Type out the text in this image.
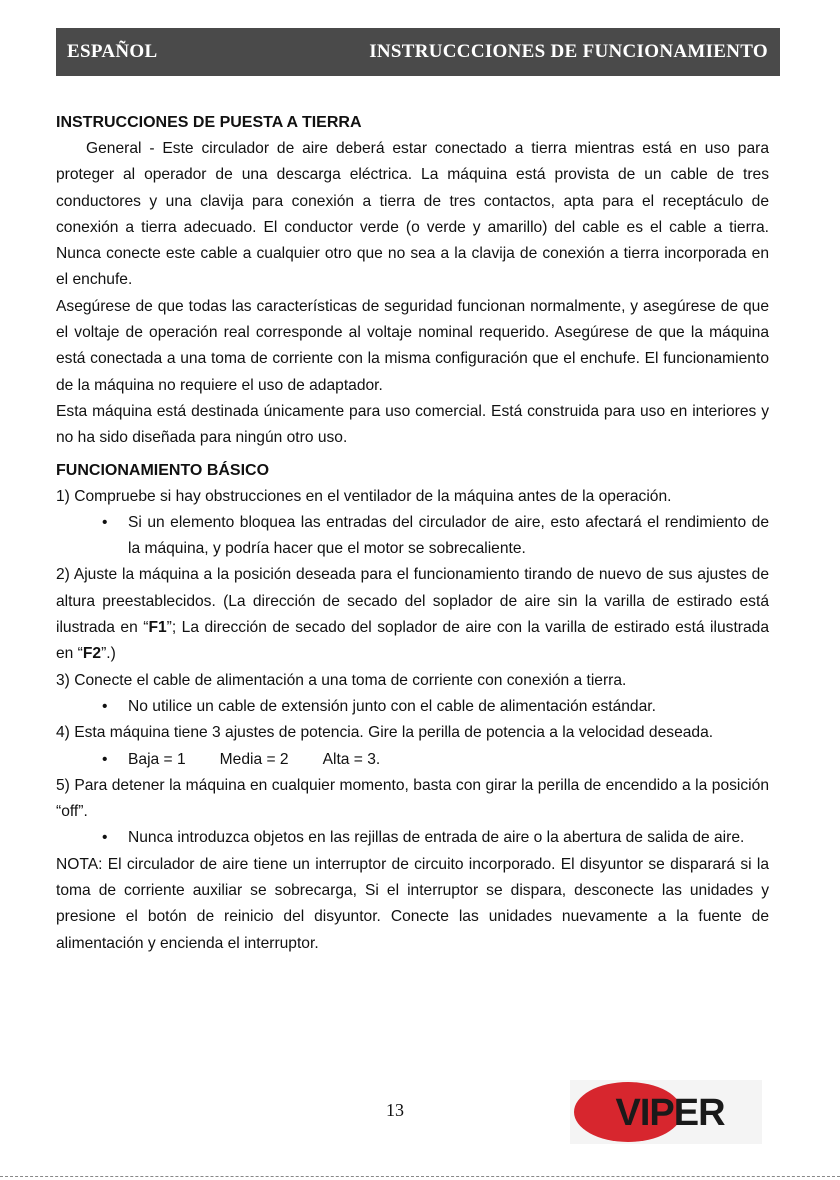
ESPAÑOL	INSTRUCCCIONES DE FUNCIONAMIENTO
INSTRUCCIONES DE PUESTA A TIERRA

General - Este circulador de aire deberá estar conectado a tierra mientras está en uso para proteger al operador de una descarga eléctrica. La máquina está provista de un cable de tres conductores y una clavija para conexión a tierra de tres contactos, apta para el receptáculo de conexión a tierra adecuado. El conductor verde (o verde y amarillo) del cable es el cable a tierra. Nunca conecte este cable a cualquier otro que no sea a la clavija de conexión a tierra incorporada en el enchufe.

Asegúrese de que todas las características de seguridad funcionan normalmente, y asegúrese de que el voltaje de operación real corresponde al voltaje nominal requerido. Asegúrese de que la máquina está conectada a una toma de corriente con la misma configuración que el enchufe. El funcionamiento de la máquina no requiere el uso de adaptador.

Esta máquina está destinada únicamente para uso comercial. Está construida para uso en interiores y no ha sido diseñada para ningún otro uso.

FUNCIONAMIENTO BÁSICO

1) Compruebe si hay obstrucciones en el ventilador de la máquina antes de la operación.

• Si un elemento bloquea las entradas del circulador de aire, esto afectará el rendimiento de la máquina, y podría hacer que el motor se sobrecaliente.

2) Ajuste la máquina a la posición deseada para el funcionamiento tirando de nuevo de sus ajustes de altura preestablecidos. (La dirección de secado del soplador de aire sin la varilla de estirado está ilustrada en “F1”; La dirección de secado del soplador de aire con la varilla de estirado está ilustrada en “F2”.)

3) Conecte el cable de alimentación a una toma de corriente con conexión a tierra.

• No utilice un cable de extensión junto con el cable de alimentación estándar.

4) Esta máquina tiene 3 ajustes de potencia. Gire la perilla de potencia a la velocidad deseada.

• Baja = 1 Media = 2 Alta = 3.

5) Para detener la máquina en cualquier momento, basta con girar la perilla de encendido a la posición “off”.

• Nunca introduzca objetos en las rejillas de entrada de aire o la abertura de salida de aire.

NOTA: El circulador de aire tiene un interruptor de circuito incorporado. El disyuntor se disparará si la toma de corriente auxiliar se sobrecarga, Si el interruptor se dispara, desconecte las unidades y presione el botón de reinicio del disyuntor. Conecte las unidades nuevamente a la fuente de alimentación y encienda el interruptor.

13	VIPER
